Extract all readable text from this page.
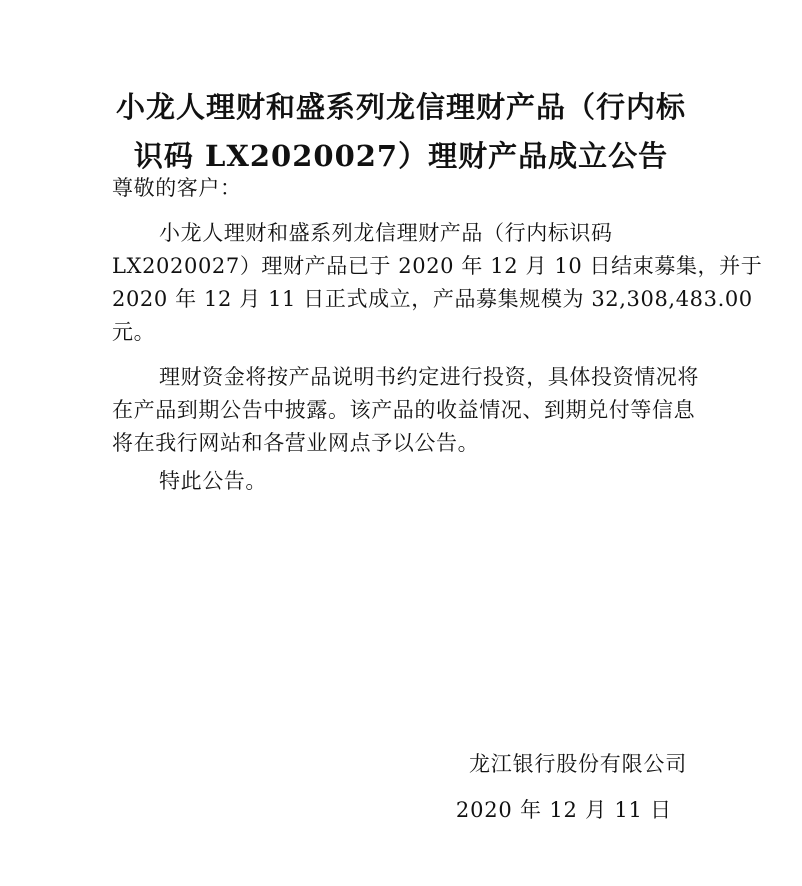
小龙人理财和盛系列龙信理财产品（行内标
识码 LX2020027）理财产品成立公告
尊敬的客户：
小龙人理财和盛系列龙信理财产品（行内标识码
LX2020027）理财产品已于 2020 年 12 月 10 日结束募集，并于
2020 年 12 月 11 日正式成立，产品募集规模为 32,308,483.00
元。
理财资金将按产品说明书约定进行投资，具体投资情况将
在产品到期公告中披露。该产品的收益情况、到期兑付等信息
将在我行网站和各营业网点予以公告。
特此公告。
龙江银行股份有限公司
2020 年 12 月 11 日
